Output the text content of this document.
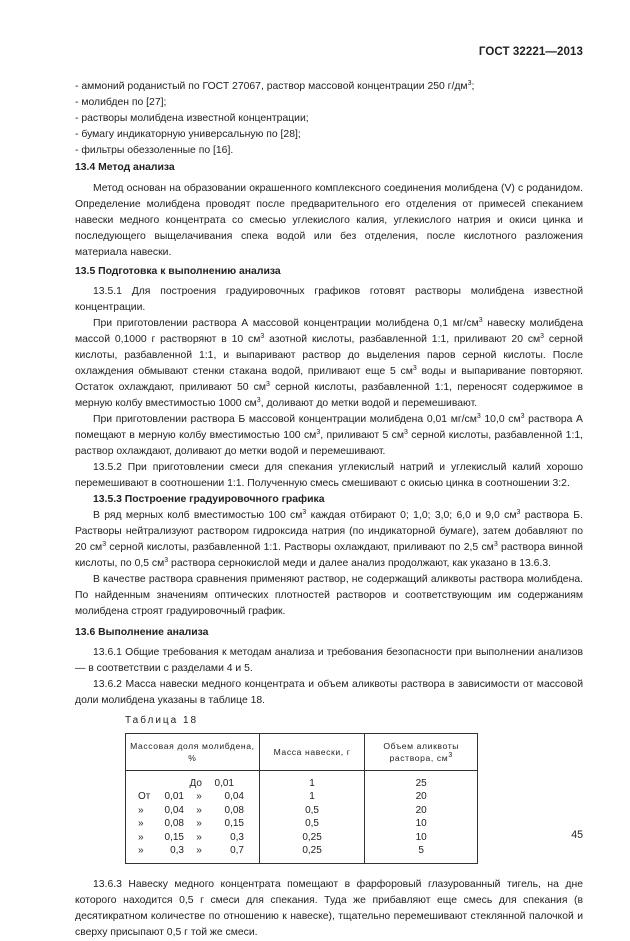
ГОСТ 32221—2013

- аммоний роданистый по ГОСТ 27067, раствор массовой концентрации 250 $г/дм^3$;

- молибден по [27];

- растворы молибдена известной концентрации;

- бумагу индикаторную универсальную по [28];

- фильтры обеззоленные по [16].

13.4 Метод анализа

Метод основан на образовании окрашенного комплексного соединения молибдена (V) с роданидом. Определение молибдена проводят после предварительного его отделения от примесей спеканием навески медного концентрата со смесью углекислого калия, углекислого натрия и окиси цинка и последующего выщелачивания спека водой или без отделения, после кислотного разложения материала навески.

13.5 Подготовка к выполнению анализа

13.5.1 Для построения градуировочных графиков готовят растворы молибдена известной концентрации.

При приготовлении раствора А массовой концентрации молибдена 0,1 $мг/см^3$ навеску молибдена массой 0,1000 г растворяют в 10 $см^3$ азотной кислоты, разбавленной 1:1, приливают 20 $см^3$ серной кислоты, разбавленной 1:1, и выпаривают раствор до выделения паров серной кислоты. После охлаждения обмывают стенки стакана водой, приливают еще 5 $см^3$ воды и выпаривание повторяют. Остаток охлаждают, приливают 50 $см^3$ серной кислоты, разбавленной 1:1, переносят содержимое в мерную колбу вместимостью 1000 $см^3$, доливают до метки водой и перемешивают.

При приготовлении раствора Б массовой концентрации молибдена 0,01 $мг/см^3$ 10,0 $см^3$ раствора А помещают в мерную колбу вместимостью 100 $см^3$, приливают 5 $см^3$ серной кислоты, разбавленной 1:1, раствор охлаждают, доливают до метки водой и перемешивают.

13.5.2 При приготовлении смеси для спекания углекислый натрий и углекислый калий хорошо перемешивают в соотношении 1:1. Полученную смесь смешивают с окисью цинка в соотношении 3:2.

13.5.3 Построение градуировочного графика

В ряд мерных колб вместимостью 100 $см^3$ каждая отбирают 0; 1,0; 3,0; 6,0 и 9,0 $см^3$ раствора Б. Растворы нейтрализуют раствором гидроксида натрия (по индикаторной бумаге), затем добавляют по 20 $см^3$ серной кислоты, разбавленной 1:1. Растворы охлаждают, приливают по 2,5 $см^3$ раствора винной кислоты, по 0,5 $см^3$ раствора сернокислой меди и далее анализ продолжают, как указано в 13.6.3.

В качестве раствора сравнения применяют раствор, не содержащий аликвоты раствора молибдена. По найденным значениям оптических плотностей растворов и соответствующим им содержаниям молибдена строят градуировочный график.

13.6 Выполнение анализа

13.6.1 Общие требования к методам анализа и требования безопасности при выполнении анализов — в соответствии с разделами 4 и 5.

13.6.2 Масса навески медного концентрата и объем аликвоты раствора в зависимости от массовой доли молибдена указаны в таблице 18.

Таблица 18
Массовая доля молибдена, %	Масса навески, г	Объем аликвоты раствора, $см^3$

До 0,01	1	25

От 0,01 » 0,04	1	20

» 0,04 » 0,08	0,5	20

» 0,08 » 0,15	0,5	10

» 0,15 » 0,3	0,25	10

» 0,3 » 0,7	0,25	5

13.6.3 Навеску медного концентрата помещают в фарфоровый глазурованный тигель, на дне которого находится 0,5 г смеси для спекания. Туда же прибавляют еще смесь для спекания (в десятикратном количестве по отношению к навеске), тщательно перемешивают стеклянной палочкой и сверху присыпают 0,5 г той же смеси.

45
